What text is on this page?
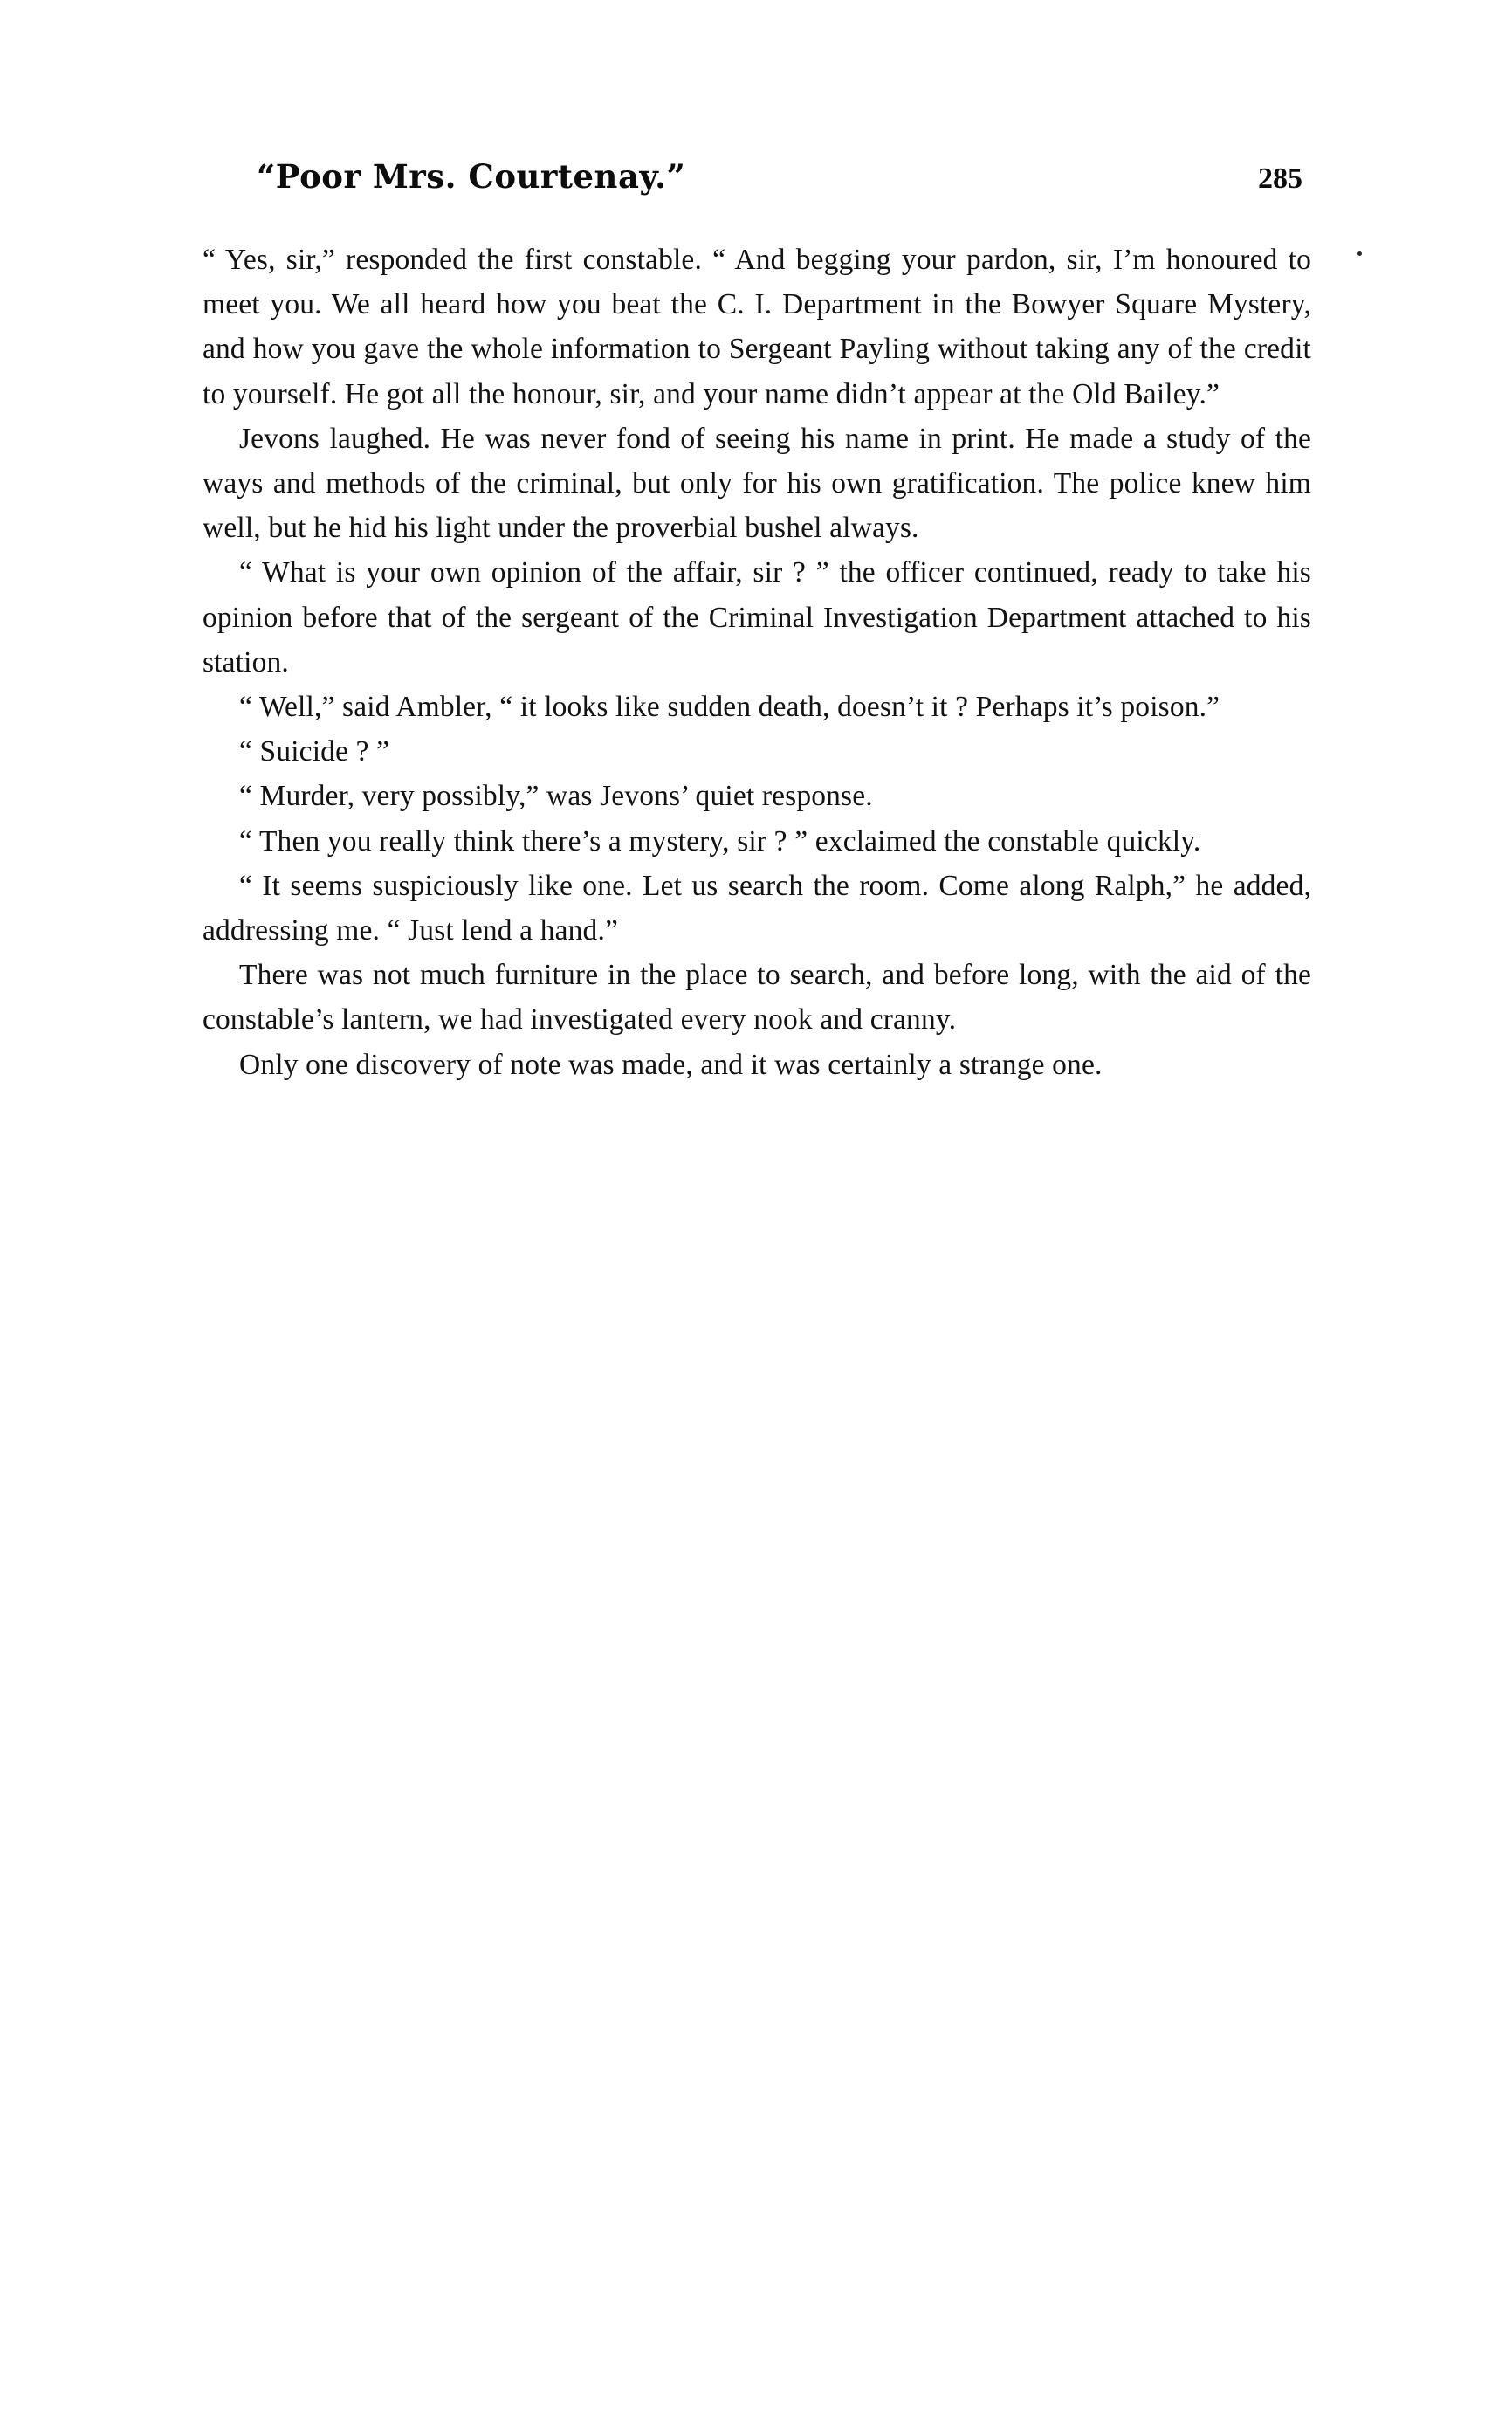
“Poor Mrs. Courtenay.”	285

“ Yes, sir,” responded the first constable. “ And begging your pardon, sir, I’m honoured to meet you. We all heard how you beat the C. I. Department in the Bowyer Square Mystery, and how you gave the whole information to Sergeant Payling without taking any of the credit to yourself. He got all the honour, sir, and your name didn’t appear at the Old Bailey.”

Jevons laughed. He was never fond of seeing his name in print. He made a study of the ways and methods of the criminal, but only for his own gratification. The police knew him well, but he hid his light under the proverbial bushel always.

“ What is your own opinion of the affair, sir ? ” the officer continued, ready to take his opinion before that of the sergeant of the Criminal Investigation Department attached to his station.

“ Well,” said Ambler, “ it looks like sudden death, doesn’t it ? Perhaps it’s poison.”

“ Suicide ? ”

“ Murder, very possibly,” was Jevons’ quiet response.

“ Then you really think there’s a mystery, sir ? ” exclaimed the constable quickly.

“ It seems suspiciously like one. Let us search the room. Come along Ralph,” he added, addressing me. “ Just lend a hand.”

There was not much furniture in the place to search, and before long, with the aid of the constable’s lantern, we had investigated every nook and cranny.

Only one discovery of note was made, and it was certainly a strange one.
